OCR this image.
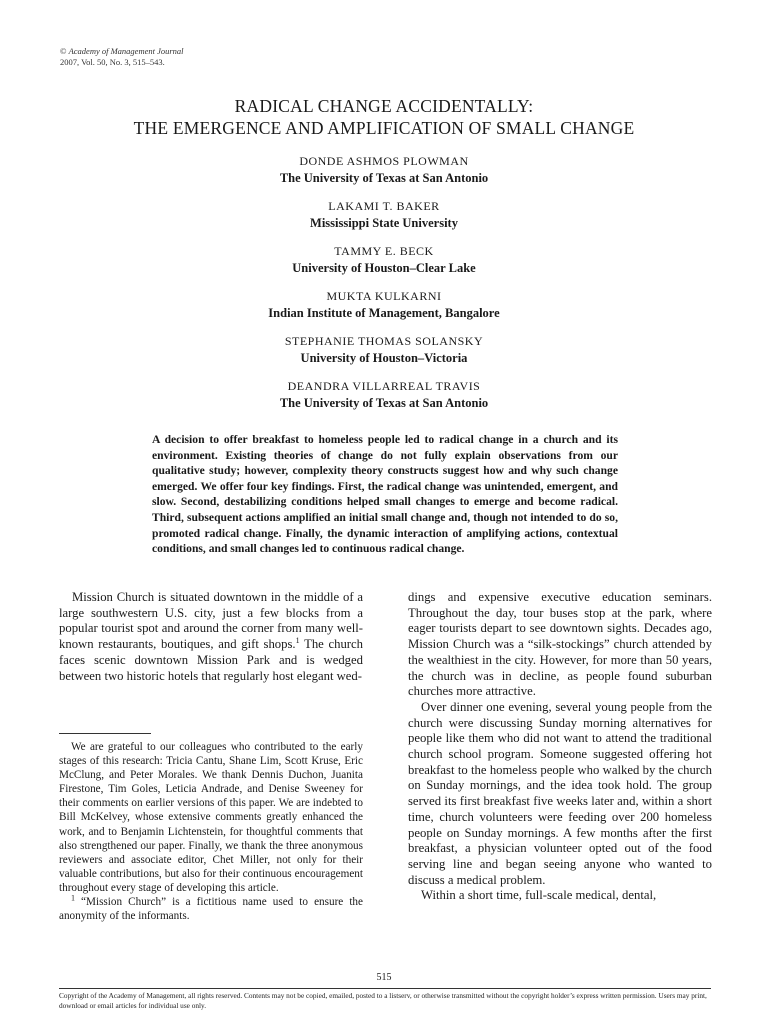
© Academy of Management Journal
2007, Vol. 50, No. 3, 515–543.
RADICAL CHANGE ACCIDENTALLY:
THE EMERGENCE AND AMPLIFICATION OF SMALL CHANGE
DONDE ASHMOS PLOWMAN
The University of Texas at San Antonio
LAKAMI T. BAKER
Mississippi State University
TAMMY E. BECK
University of Houston–Clear Lake
MUKTA KULKARNI
Indian Institute of Management, Bangalore
STEPHANIE THOMAS SOLANSKY
University of Houston–Victoria
DEANDRA VILLARREAL TRAVIS
The University of Texas at San Antonio
A decision to offer breakfast to homeless people led to radical change in a church and its environment. Existing theories of change do not fully explain observations from our qualitative study; however, complexity theory constructs suggest how and why such change emerged. We offer four key findings. First, the radical change was unintended, emergent, and slow. Second, destabilizing conditions helped small changes to emerge and become radical. Third, subsequent actions amplified an initial small change and, though not intended to do so, promoted radical change. Finally, the dynamic interaction of amplifying actions, contextual conditions, and small changes led to continuous radical change.

Mission Church is situated downtown in the middle of a large southwestern U.S. city, just a few blocks from a popular tourist spot and around the corner from many well-known restaurants, boutiques, and gift shops.$^1$ The church faces scenic downtown Mission Park and is wedged between two historic hotels that regularly host elegant wed-

We are grateful to our colleagues who contributed to the early stages of this research: Tricia Cantu, Shane Lim, Scott Kruse, Eric McClung, and Peter Morales. We thank Dennis Duchon, Juanita Firestone, Tim Goles, Leticia Andrade, and Denise Sweeney for their comments on earlier versions of this paper. We are indebted to Bill McKelvey, whose extensive comments greatly enhanced the work, and to Benjamin Lichtenstein, for thoughtful comments that also strengthened our paper. Finally, we thank the three anonymous reviewers and associate editor, Chet Miller, not only for their valuable contributions, but also for their continuous encouragement throughout every stage of developing this article.

$^1$ “Mission Church” is a fictitious name used to ensure the anonymity of the informants.

dings and expensive executive education seminars. Throughout the day, tour buses stop at the park, where eager tourists depart to see downtown sights. Decades ago, Mission Church was a “silk-stockings” church attended by the wealthiest in the city. However, for more than 50 years, the church was in decline, as people found suburban churches more attractive.

Over dinner one evening, several young people from the church were discussing Sunday morning alternatives for people like them who did not want to attend the traditional church school program. Someone suggested offering hot breakfast to the homeless people who walked by the church on Sunday mornings, and the idea took hold. The group served its first breakfast five weeks later and, within a short time, church volunteers were feeding over 200 homeless people on Sunday mornings. A few months after the first breakfast, a physician volunteer opted out of the food serving line and began seeing anyone who wanted to discuss a medical problem.

Within a short time, full-scale medical, dental,

515
Copyright of the Academy of Management, all rights reserved. Contents may not be copied, emailed, posted to a listserv, or otherwise transmitted without the copyright holder’s express written permission. Users may print, download or email articles for individual use only.
